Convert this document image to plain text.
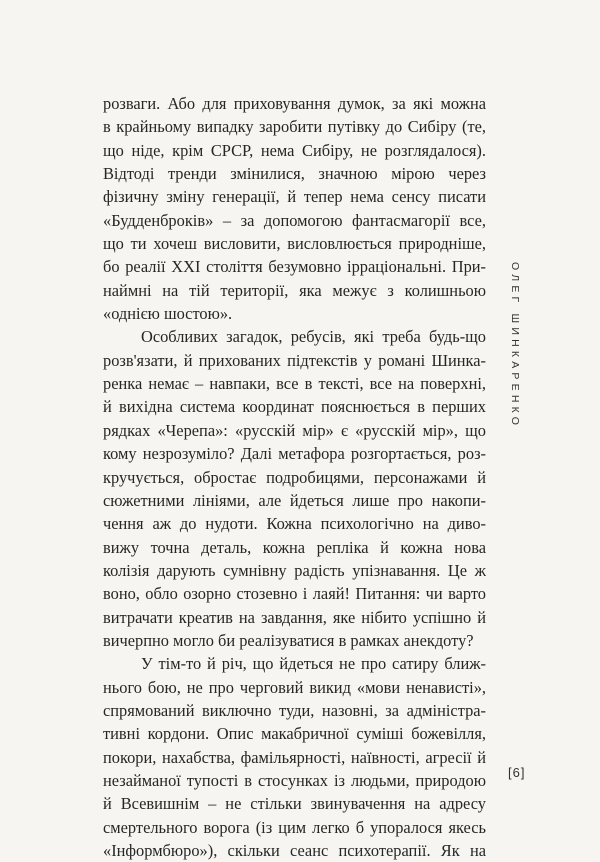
розваги. Або для приховування думок, за які можна
в крайньому випадку заробити путівку до Сибіру (те,
що ніде, крім СРСР, нема Сибіру, не розглядалося).
Відтоді тренди змінилися, значною мірою через
фізичну зміну генерації, й тепер нема сенсу писати
«Будденброків» – за допомогою фантасмагорії все,
що ти хочеш висловити, висловлюється природніше,
бо реалії XXI століття безумовно ірраціональні. При-
наймні на тій території, яка межує з колишньою
«однією шостою».
Особливих загадок, ребусів, які треба будь-що
розв'язати, й прихованих підтекстів у романі Шинка-
ренка немає – навпаки, все в тексті, все на поверхні,
й вихідна система координат пояснюється в перших
рядках «Черепа»: «русскій мір» є «русскій мір», що
кому незрозуміло? Далі метафора розгортається, роз-
кручується, обростає подробицями, персонажами й
сюжетними лініями, але йдеться лише про накопи-
чення аж до нудоти. Кожна психологічно на диво-
вижу точна деталь, кожна репліка й кожна нова
колізія дарують сумнівну радість упізнавання. Це ж
воно, обло озорно стозевно і лаяй! Питання: чи варто
витрачати креатив на завдання, яке нібито успішно й
вичерпно могло би реалізуватися в рамках анекдоту?
У тім-то й річ, що йдеться не про сатиру ближ-
нього бою, не про черговий викид «мови ненависті»,
спрямований виключно туди, назовні, за адміністра-
тивні кордони. Опис макабричної суміші божевілля,
покори, нахабства, фамільярності, наївності, агресії й
незайманої тупості в стосунках із людьми, природою
й Всевишнім – не стільки звинувачення на адресу
смертельного ворога (із цим легко б упоралося якесь
«Інформбюро»), скільки сеанс психотерапії. Як на
ОЛЕГ ШИНКАРЕНКО
[6]
